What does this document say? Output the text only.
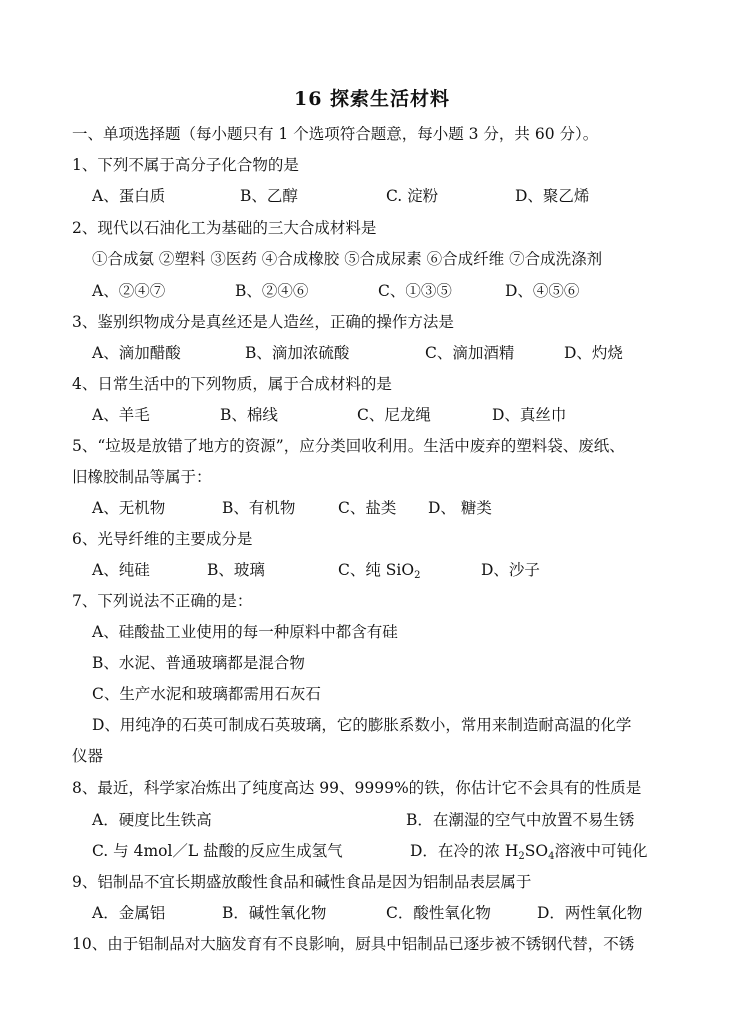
16 探索生活材料
一、单项选择题（每小题只有 1 个选项符合题意，每小题 3 分，共 60 分）。
1、下列不属于高分子化合物的是
A、蛋白质	B、乙醇	C. 淀粉	D、聚乙烯
2、现代以石油化工为基础的三大合成材料是
①合成氨 ②塑料 ③医药 ④合成橡胶 ⑤合成尿素 ⑥合成纤维 ⑦合成洗涤剂
A、②④⑦	B、②④⑥	C、①③⑤	D、④⑤⑥
3、鉴别织物成分是真丝还是人造丝，正确的操作方法是
A、滴加醋酸	B、滴加浓硫酸	C、滴加酒精	D、灼烧
4、日常生活中的下列物质，属于合成材料的是
A、羊毛	B、棉线	C、尼龙绳	D、真丝巾
5、“垃圾是放错了地方的资源”，应分类回收利用。生活中废弃的塑料袋、废纸、
旧橡胶制品等属于：
A、无机物	B、有机物	C、盐类 D、 糖类
6、光导纤维的主要成分是
A、纯硅	B、玻璃	C、纯 SiO$_2$	D、沙子
7、下列说法不正确的是：
A、硅酸盐工业使用的每一种原料中都含有硅
B、水泥、普通玻璃都是混合物
C、生产水泥和玻璃都需用石灰石
D、用纯净的石英可制成石英玻璃，它的膨胀系数小，常用来制造耐高温的化学
仪器
8、最近，科学家冶炼出了纯度高达 99、9999%的铁，你估计它不会具有的性质是
A．硬度比生铁高	B．在潮湿的空气中放置不易生锈
C. 与 4mol／L 盐酸的反应生成氢气	D．在冷的浓 $H_2SO_4$溶液中可钝化
9、铝制品不宜长期盛放酸性食品和碱性食品是因为铝制品表层属于
A．金属铝	B．碱性氧化物	C．酸性氧化物	D．两性氧化物
10、由于铝制品对大脑发育有不良影响，厨具中铝制品已逐步被不锈钢代替，不锈
